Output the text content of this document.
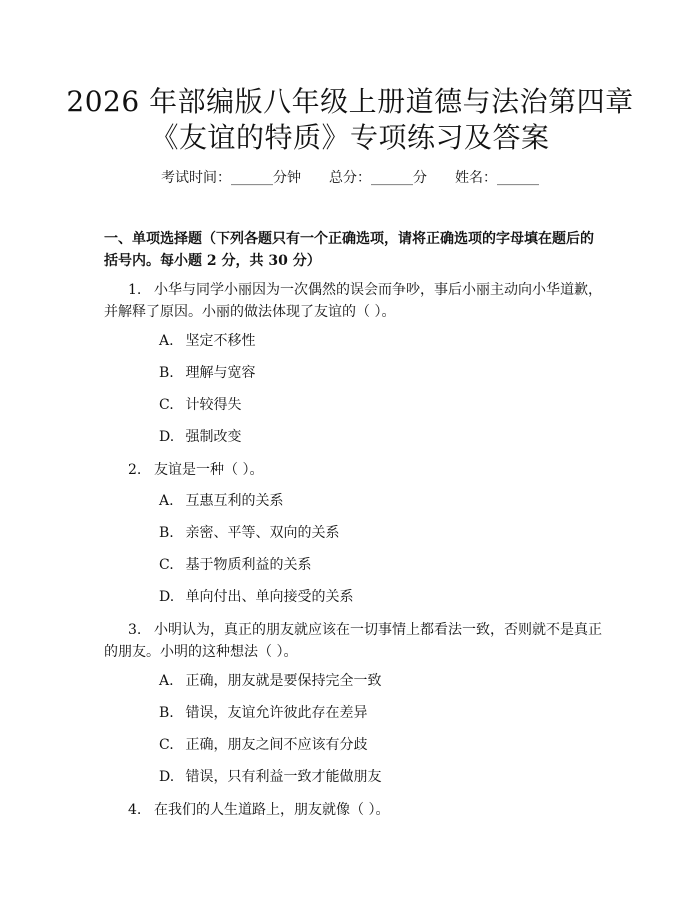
2026 年部编版八年级上册道德与法治第四章
《友谊的特质》专项练习及答案
考试时间：______分钟 总分：______分 姓名：______
一、单项选择题（下列各题只有一个正确选项，请将正确选项的字母填在题后的括号内。每小题 2 分，共 30 分）
1. 小华与同学小丽因为一次偶然的误会而争吵，事后小丽主动向小华道歉，并解释了原因。小丽的做法体现了友谊的（ ）。
A. 坚定不移性
B. 理解与宽容
C. 计较得失
D. 强制改变
2. 友谊是一种（ ）。
A. 互惠互利的关系
B. 亲密、平等、双向的关系
C. 基于物质利益的关系
D. 单向付出、单向接受的关系
3. 小明认为，真正的朋友就应该在一切事情上都看法一致，否则就不是真正的朋友。小明的这种想法（ ）。
A. 正确，朋友就是要保持完全一致
B. 错误，友谊允许彼此存在差异
C. 正确，朋友之间不应该有分歧
D. 错误，只有利益一致才能做朋友
4. 在我们的人生道路上，朋友就像（ ）。
